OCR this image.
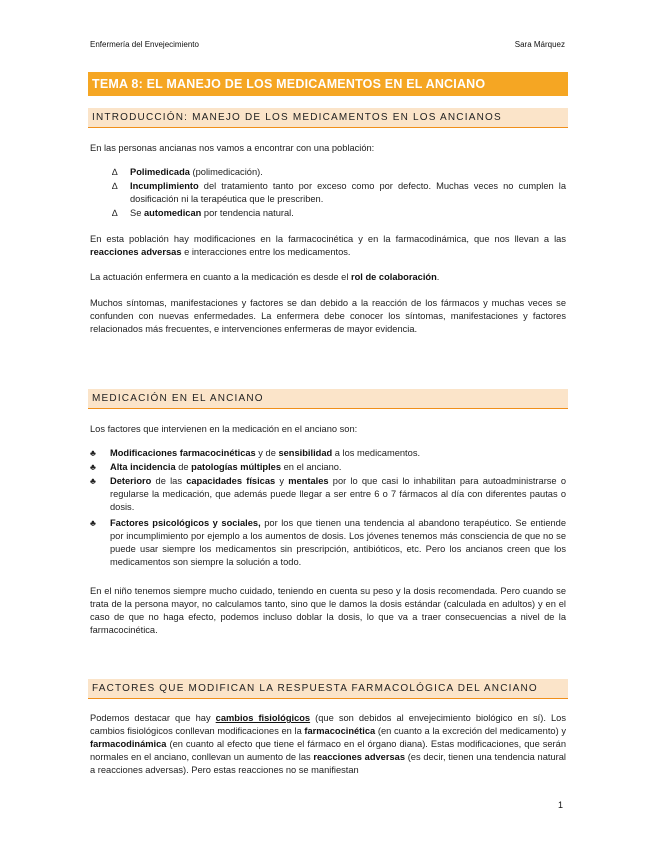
Enfermería del Envejecimiento	Sara Márquez
TEMA 8: EL MANEJO DE LOS MEDICAMENTOS EN EL ANCIANO
INTRODUCCIÓN: MANEJO DE LOS MEDICAMENTOS EN LOS ANCIANOS
En las personas ancianas nos vamos a encontrar con una población:
∆ Polimedicada (polimedicación).
∆ Incumplimiento del tratamiento tanto por exceso como por defecto. Muchas veces no cumplen la dosificación ni la terapéutica que le prescriben.
∆ Se automedican por tendencia natural.
En esta población hay modificaciones en la farmacocinética y en la farmacodinámica, que nos llevan a las reacciones adversas e interacciones entre los medicamentos.
La actuación enfermera en cuanto a la medicación es desde el rol de colaboración.
Muchos síntomas, manifestaciones y factores se dan debido a la reacción de los fármacos y muchas veces se confunden con nuevas enfermedades. La enfermera debe conocer los síntomas, manifestaciones y factores relacionados más frecuentes, e intervenciones enfermeras de mayor evidencia.
MEDICACIÓN EN EL ANCIANO
Los factores que intervienen en la medicación en el anciano son:
♣ Modificaciones farmacocinéticas y de sensibilidad a los medicamentos.
♣ Alta incidencia de patologías múltiples en el anciano.
♣ Deterioro de las capacidades físicas y mentales por lo que casi lo inhabilitan para autoadministrarse o regularse la medicación, que además puede llegar a ser entre 6 o 7 fármacos al día con diferentes pautas o dosis.
♣ Factores psicológicos y sociales, por los que tienen una tendencia al abandono terapéutico. Se entiende por incumplimiento por ejemplo a los aumentos de dosis. Los jóvenes tenemos más consciencia de que no se puede usar siempre los medicamentos sin prescripción, antibióticos, etc. Pero los ancianos creen que los medicamentos son siempre la solución a todo.
En el niño tenemos siempre mucho cuidado, teniendo en cuenta su peso y la dosis recomendada. Pero cuando se trata de la persona mayor, no calculamos tanto, sino que le damos la dosis estándar (calculada en adultos) y en el caso de que no haga efecto, podemos incluso doblar la dosis, lo que va a traer consecuencias a nivel de la farmacocinética.
FACTORES QUE MODIFICAN LA RESPUESTA FARMACOLÓGICA DEL ANCIANO
Podemos destacar que hay cambios fisiológicos (que son debidos al envejecimiento biológico en sí). Los cambios fisiológicos conllevan modificaciones en la farmacocinética (en cuanto a la excreción del medicamento) y farmacodinámica (en cuanto al efecto que tiene el fármaco en el órgano diana). Estas modificaciones, que serán normales en el anciano, conllevan un aumento de las reacciones adversas (es decir, tienen una tendencia natural a reacciones adversas). Pero estas reacciones no se manifiestan
1
